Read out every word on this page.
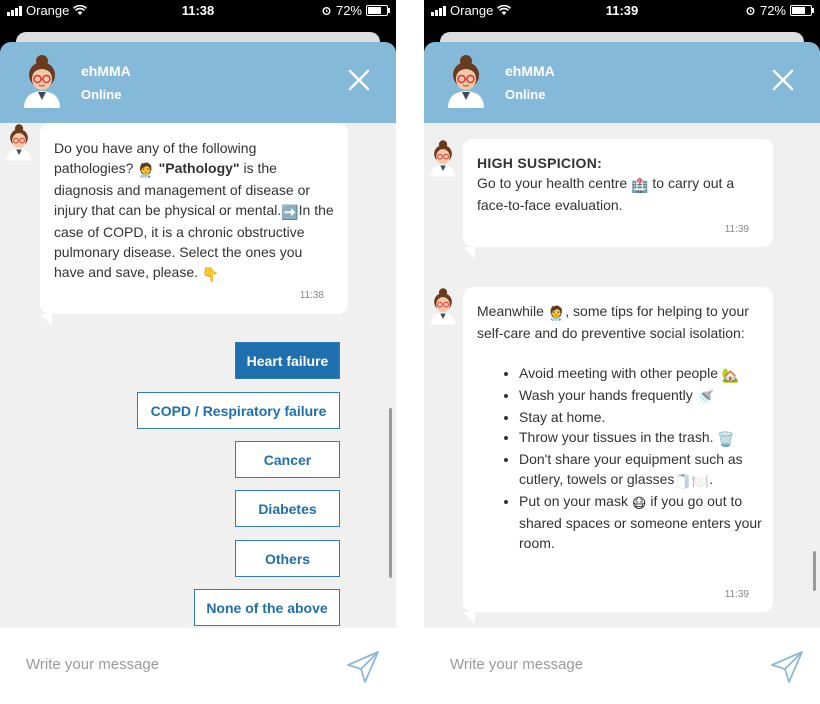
Orange	11:38	72%
ehMMA
Online
Do you have any of the following pathologies? 🧑‍⚕️ "Pathology" is the diagnosis and management of disease or injury that can be physical or mental.➡️In the case of COPD, it is a chronic obstructive pulmonary disease. Select the ones you have and save, please. 👇
11:38
Heart failure
COPD / Respiratory failure
Cancer
Diabetes
Others
None of the above
Write your message
Orange	11:39	72%
ehMMA
Online
HIGH SUSPICION:
Go to your health centre 🏥 to carry out a face-to-face evaluation.
11:39
Meanwhile 🧑‍⚕️, some tips for helping to your self-care and do preventive social isolation:
• Avoid meeting with other people 🏡
• Wash your hands frequently 🚿
• Stay at home.
• Throw your tissues in the trash. 🗑️
• Don't share your equipment such as cutlery, towels or glasses🧻🍽️.
• Put on your mask 😷 if you go out to shared spaces or someone enters your room.
11:39
Write your message
